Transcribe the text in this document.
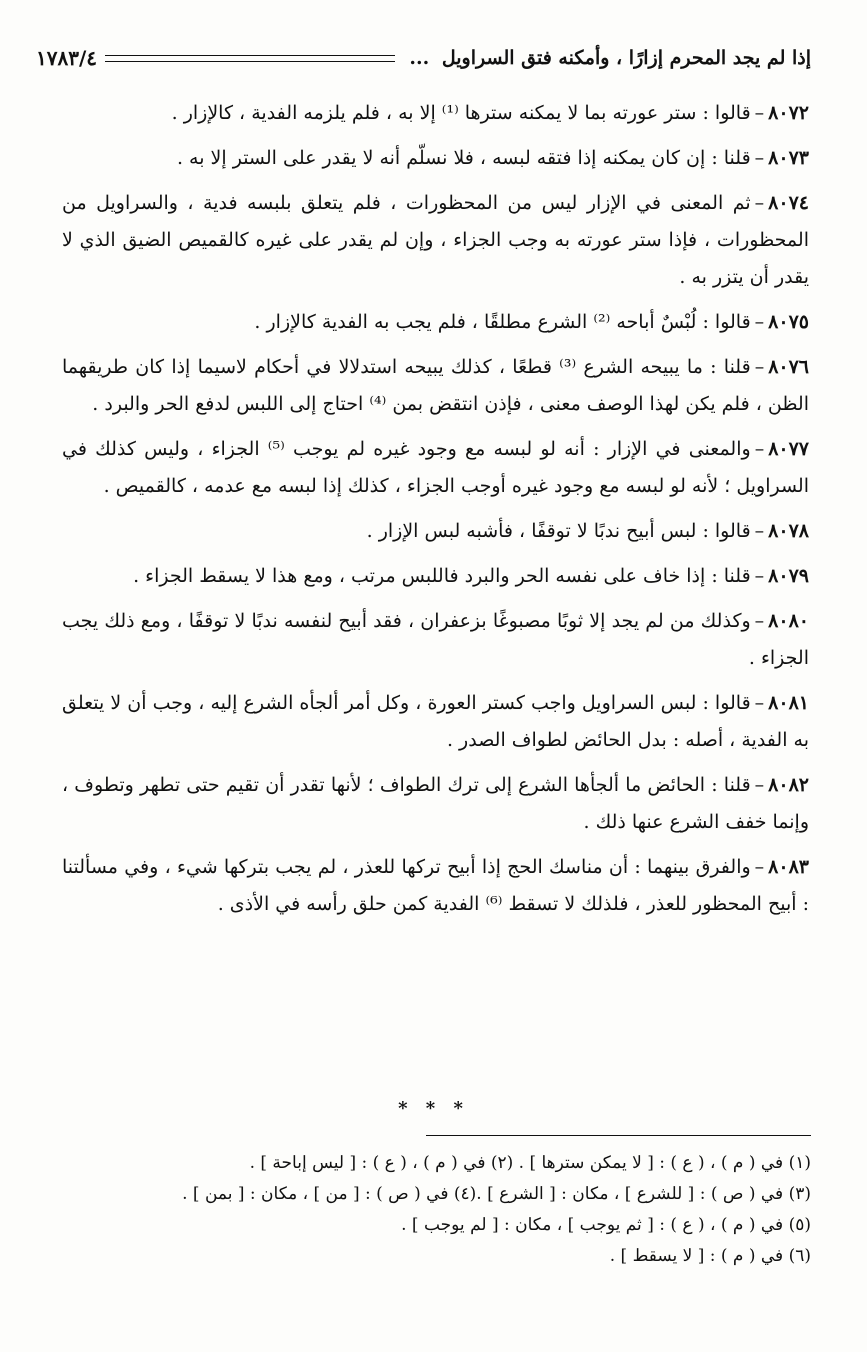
إذا لم يجد المحرم إزارًا ، وأمكنه فتق السراويل ...
١٧٨٣/٤

٨٠٧٢–قالوا : ستر عورته بما لا يمكنه سترها ⁽¹⁾ إلا به ، فلم يلزمه الفدية ، كالإزار .

٨٠٧٣–قلنا : إن كان يمكنه إذا فتقه لبسه ، فلا نسلّم أنه لا يقدر على الستر إلا به .

٨٠٧٤–ثم المعنى في الإزار ليس من المحظورات ، فلم يتعلق بلبسه فدية ، والسراويل من المحظورات ، فإذا ستر عورته به وجب الجزاء ، وإن لم يقدر على غيره كالقميص الضيق الذي لا يقدر أن يتزر به .

٨٠٧٥–قالوا : لُبْسٌ أباحه ⁽²⁾ الشرع مطلقًا ، فلم يجب به الفدية كالإزار .

٨٠٧٦–قلنا : ما يبيحه الشرع ⁽³⁾ قطعًا ، كذلك يبيحه استدلالا في أحكام لاسيما إذا كان طريقهما الظن ، فلم يكن لهذا الوصف معنى ، فإذن انتقض بمن ⁽⁴⁾ احتاج إلى اللبس لدفع الحر والبرد .

٨٠٧٧–والمعنى في الإزار : أنه لو لبسه مع وجود غيره لم يوجب ⁽⁵⁾ الجزاء ، وليس كذلك في السراويل ؛ لأنه لو لبسه مع وجود غيره أوجب الجزاء ، كذلك إذا لبسه مع عدمه ، كالقميص .

٨٠٧٨–قالوا : لبس أبيح ندبًا لا توقفًا ، فأشبه لبس الإزار .

٨٠٧٩–قلنا : إذا خاف على نفسه الحر والبرد فاللبس مرتب ، ومع هذا لا يسقط الجزاء .

٨٠٨٠–وكذلك من لم يجد إلا ثوبًا مصبوغًا بزعفران ، فقد أبيح لنفسه ندبًا لا توقفًا ، ومع ذلك يجب الجزاء .

٨٠٨١–قالوا : لبس السراويل واجب كستر العورة ، وكل أمر ألجأه الشرع إليه ، وجب أن لا يتعلق به الفدية ، أصله : بدل الحائض لطواف الصدر .

٨٠٨٢–قلنا : الحائض ما ألجأها الشرع إلى ترك الطواف ؛ لأنها تقدر أن تقيم حتى تطهر وتطوف ، وإنما خفف الشرع عنها ذلك .

٨٠٨٣–والفرق بينهما : أن مناسك الحج إذا أبيح تركها للعذر ، لم يجب بتركها شيء ، وفي مسألتنا : أبيح المحظور للعذر ، فلذلك لا تسقط ⁽⁶⁾ الفدية كمن حلق رأسه في الأذى .

* * *
(١) في ( م ) ، ( ع ) : [ لا يمكن سترها ] . (٢) في ( م ) ، ( ع ) : [ ليس إباحة ] .
(٣) في ( ص ) : [ للشرع ] ، مكان : [ الشرع ] .(٤) في ( ص ) : [ من ] ، مكان : [ بمن ] .
(٥) في ( م ) ، ( ع ) : [ ثم يوجب ] ، مكان : [ لم يوجب ] .
(٦) في ( م ) : [ لا يسقط ] .
